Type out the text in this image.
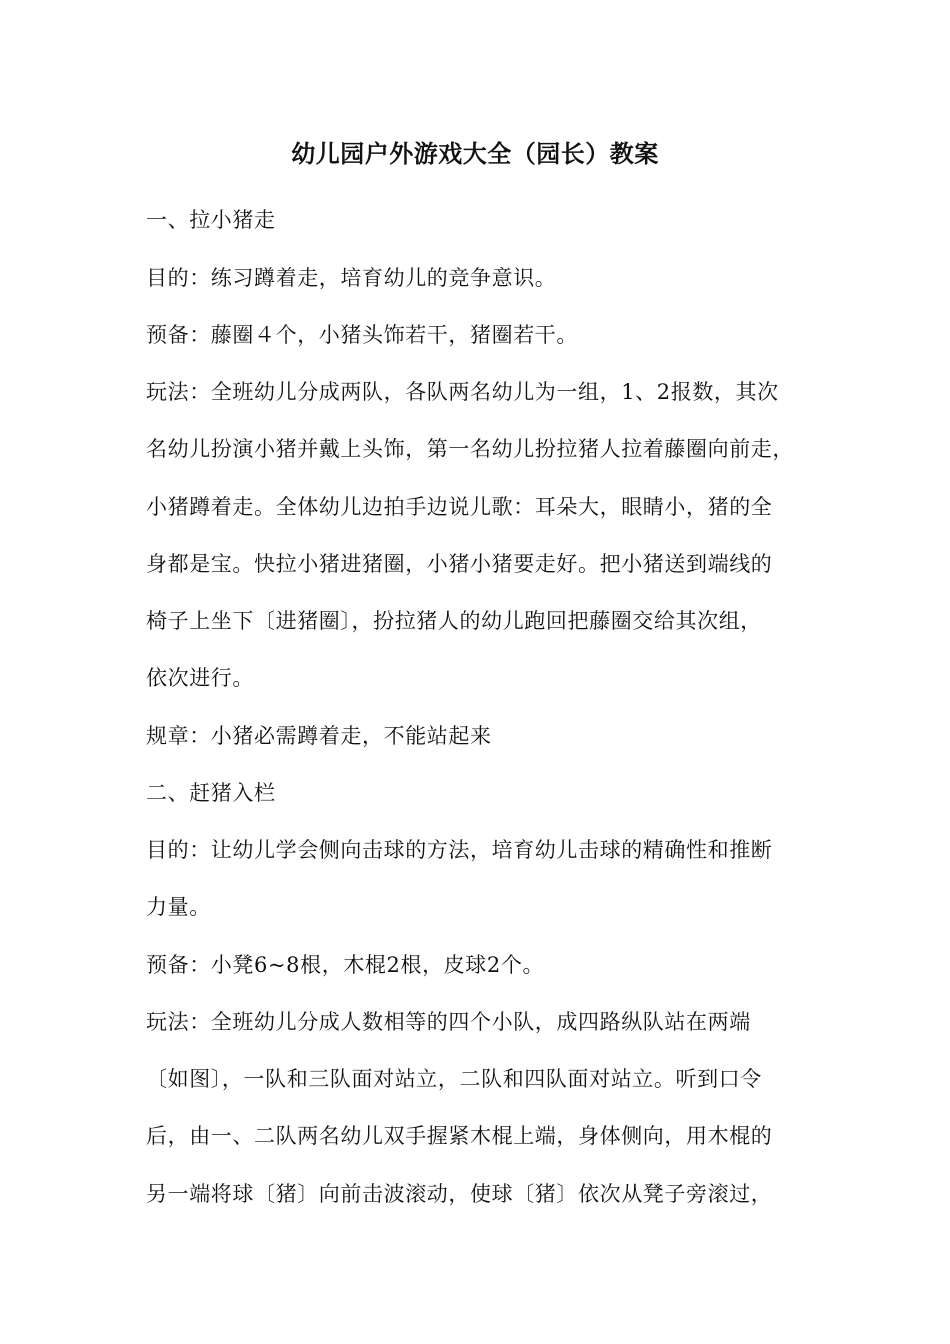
幼儿园户外游戏大全（园长）教案
一、拉小猪走
目的：练习蹲着走，培育幼儿的竞争意识。
预备：藤圈４个，小猪头饰若干，猪圈若干。
玩法：全班幼儿分成两队，各队两名幼儿为一组，1、2报数，其次
名幼儿扮演小猪并戴上头饰，第一名幼儿扮拉猪人拉着藤圈向前走，
小猪蹲着走。全体幼儿边拍手边说儿歌：耳朵大，眼睛小，猪的全
身都是宝。快拉小猪进猪圈，小猪小猪要走好。把小猪送到端线的
椅子上坐下〔进猪圈〕，扮拉猪人的幼儿跑回把藤圈交给其次组，
依次进行。
规章：小猪必需蹲着走，不能站起来
二、赶猪入栏
目的：让幼儿学会侧向击球的方法，培育幼儿击球的精确性和推断
力量。
预备：小凳6~8根，木棍2根，皮球2个。
玩法：全班幼儿分成人数相等的四个小队，成四路纵队站在两端
〔如图〕，一队和三队面对站立，二队和四队面对站立。听到口令
后，由一、二队两名幼儿双手握紧木棍上端，身体侧向，用木棍的
另一端将球〔猪〕向前击波滚动，使球〔猪〕依次从凳子旁滚过，
